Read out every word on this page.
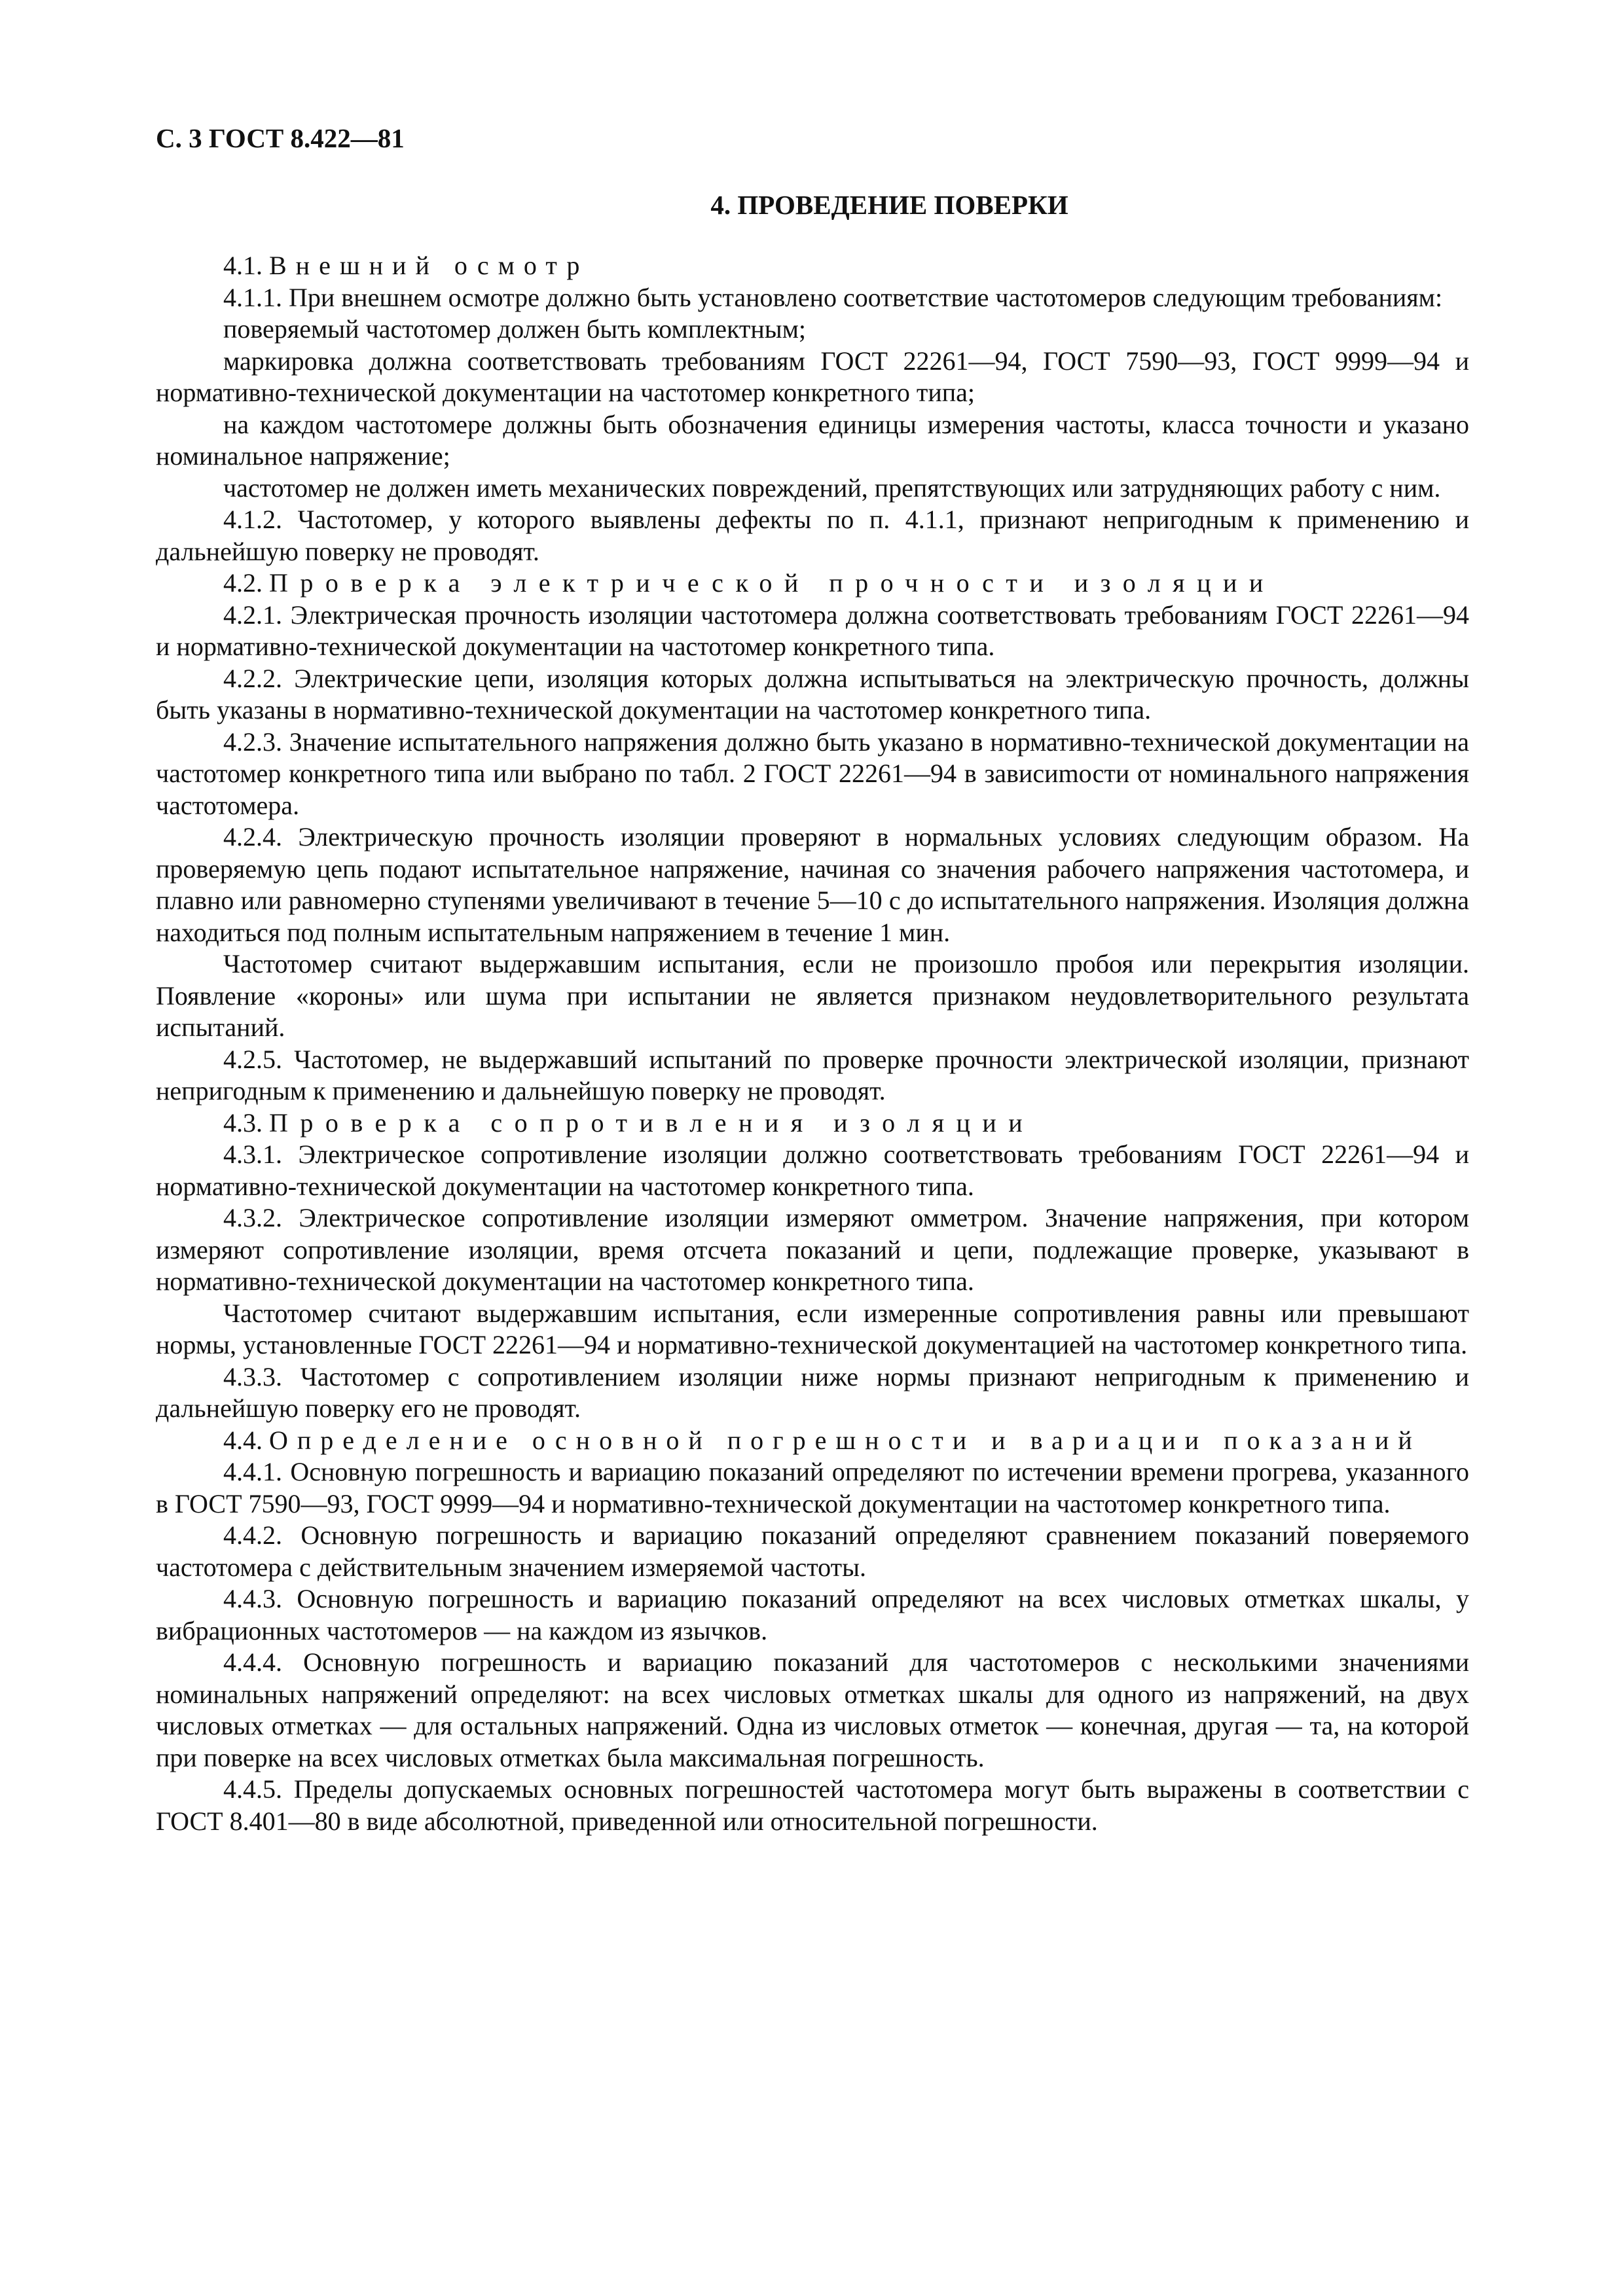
С. 3 ГОСТ 8.422—81
4. ПРОВЕДЕНИЕ ПОВЕРКИ

4.1. Внешний осмотр

4.1.1. При внешнем осмотре должно быть установлено соответствие частотомеров следующим требованиям:

поверяемый частотомер должен быть комплектным;

маркировка должна соответствовать требованиям ГОСТ 22261—94, ГОСТ 7590—93, ГОСТ 9999—94 и нормативно-технической документации на частотомер конкретного типа;

на каждом частотомере должны быть обозначения единицы измерения частоты, класса точности и указано номинальное напряжение;

частотомер не должен иметь механических повреждений, препятствующих или затрудняющих работу с ним.

4.1.2. Частотомер, у которого выявлены дефекты по п. 4.1.1, признают непригодным к применению и дальнейшую поверку не проводят.

4.2. Проверка электрической прочности изоляции

4.2.1. Электрическая прочность изоляции частотомера должна соответствовать требованиям ГОСТ 22261—94 и нормативно-технической документации на частотомер конкретного типа.

4.2.2. Электрические цепи, изоляция которых должна испытываться на электрическую прочность, должны быть указаны в нормативно-технической документации на частотомер конкретного типа.

4.2.3. Значение испытательного напряжения должно быть указано в нормативно-технической документации на частотомер конкретного типа или выбрано по табл. 2 ГОСТ 22261—94 в зависиmости от номинального напряжения частотомера.

4.2.4. Электрическую прочность изоляции проверяют в нормальных условиях следующим образом. На проверяемую цепь подают испытательное напряжение, начиная со значения рабочего напряжения частотомера, и плавно или равномерно ступенями увеличивают в течение 5—10 с до испытательного напряжения. Изоляция должна находиться под полным испытательным напряжением в течение 1 мин.

Частотомер считают выдержавшим испытания, если не произошло пробоя или перекрытия изоляции. Появление «короны» или шума при испытании не является признаком неудовлетворительного результата испытаний.

4.2.5. Частотомер, не выдержавший испытаний по проверке прочности электрической изоляции, признают непригодным к применению и дальнейшую поверку не проводят.

4.3. Проверка сопротивления изоляции

4.3.1. Электрическое сопротивление изоляции должно соответствовать требованиям ГОСТ 22261—94 и нормативно-технической документации на частотомер конкретного типа.

4.3.2. Электрическое сопротивление изоляции измеряют омметром. Значение напряжения, при котором измеряют сопротивление изоляции, время отсчета показаний и цепи, подлежащие проверке, указывают в нормативно-технической документации на частотомер конкретного типа.

Частотомер считают выдержавшим испытания, если измеренные сопротивления равны или превышают нормы, установленные ГОСТ 22261—94 и нормативно-технической документацией на частотомер конкретного типа.

4.3.3. Частотомер с сопротивлением изоляции ниже нормы признают непригодным к применению и дальнейшую поверку его не проводят.

4.4. Определение основной погрешности и вариации показаний

4.4.1. Основную погрешность и вариацию показаний определяют по истечении времени прогрева, указанного в ГОСТ 7590—93, ГОСТ 9999—94 и нормативно-технической документации на частотомер конкретного типа.

4.4.2. Основную погрешность и вариацию показаний определяют сравнением показаний поверяемого частотомера с действительным значением измеряемой частоты.

4.4.3. Основную погрешность и вариацию показаний определяют на всех числовых отметках шкалы, у вибрационных частотомеров — на каждом из язычков.

4.4.4. Основную погрешность и вариацию показаний для частотомеров с несколькими значениями номинальных напряжений определяют: на всех числовых отметках шкалы для одного из напряжений, на двух числовых отметках — для остальных напряжений. Одна из числовых отметок — конечная, другая — та, на которой при поверке на всех числовых отметках была максимальная погрешность.

4.4.5. Пределы допускаемых основных погрешностей частотомера могут быть выражены в соответствии с ГОСТ 8.401—80 в виде абсолютной, приведенной или относительной погрешности.
